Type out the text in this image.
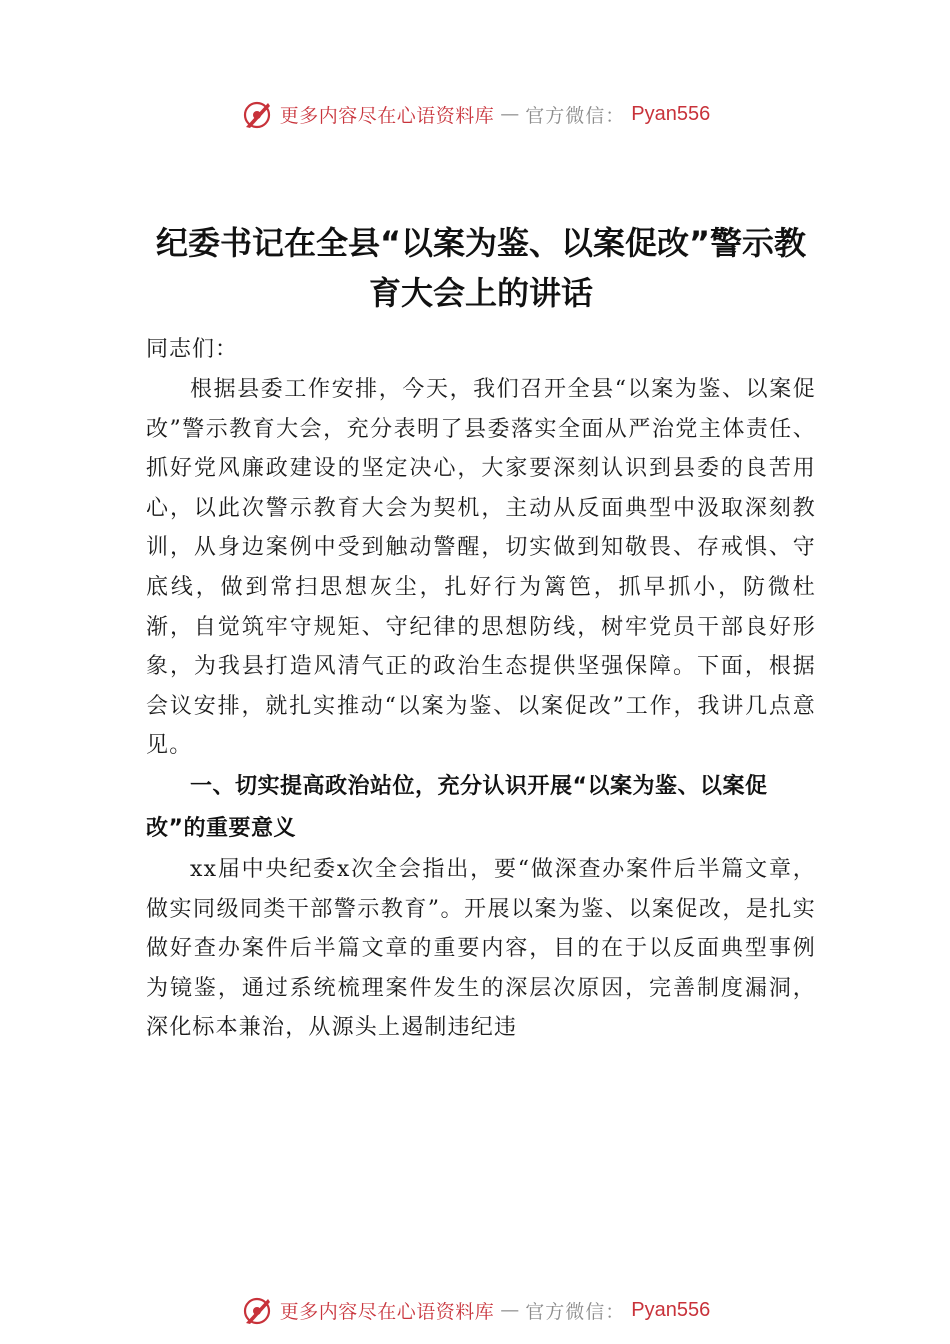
更多内容尽在心语资料库 — 官方微信： Pyan556
纪委书记在全县“以案为鉴、以案促改”警示教育大会上的讲话

同志们：

根据县委工作安排，今天，我们召开全县“以案为鉴、以案促改”警示教育大会，充分表明了县委落实全面从严治党主体责任、抓好党风廉政建设的坚定决心，大家要深刻认识到县委的良苦用心，以此次警示教育大会为契机，主动从反面典型中汲取深刻教训，从身边案例中受到触动警醒，切实做到知敬畏、存戒惧、守底线，做到常扫思想灰尘，扎好行为篱笆，抓早抓小，防微杜渐，自觉筑牢守规矩、守纪律的思想防线，树牢党员干部良好形象，为我县打造风清气正的政治生态提供坚强保障。下面，根据会议安排，就扎实推动“以案为鉴、以案促改”工作，我讲几点意见。

一、切实提高政治站位，充分认识开展“以案为鉴、以案促改”的重要意义

xx届中央纪委x次全会指出，要“做深查办案件后半篇文章，做实同级同类干部警示教育”。开展以案为鉴、以案促改，是扎实做好查办案件后半篇文章的重要内容，目的在于以反面典型事例为镜鉴，通过系统梳理案件发生的深层次原因，完善制度漏洞，深化标本兼治，从源头上遏制违纪违

更多内容尽在心语资料库 — 官方微信： Pyan556
